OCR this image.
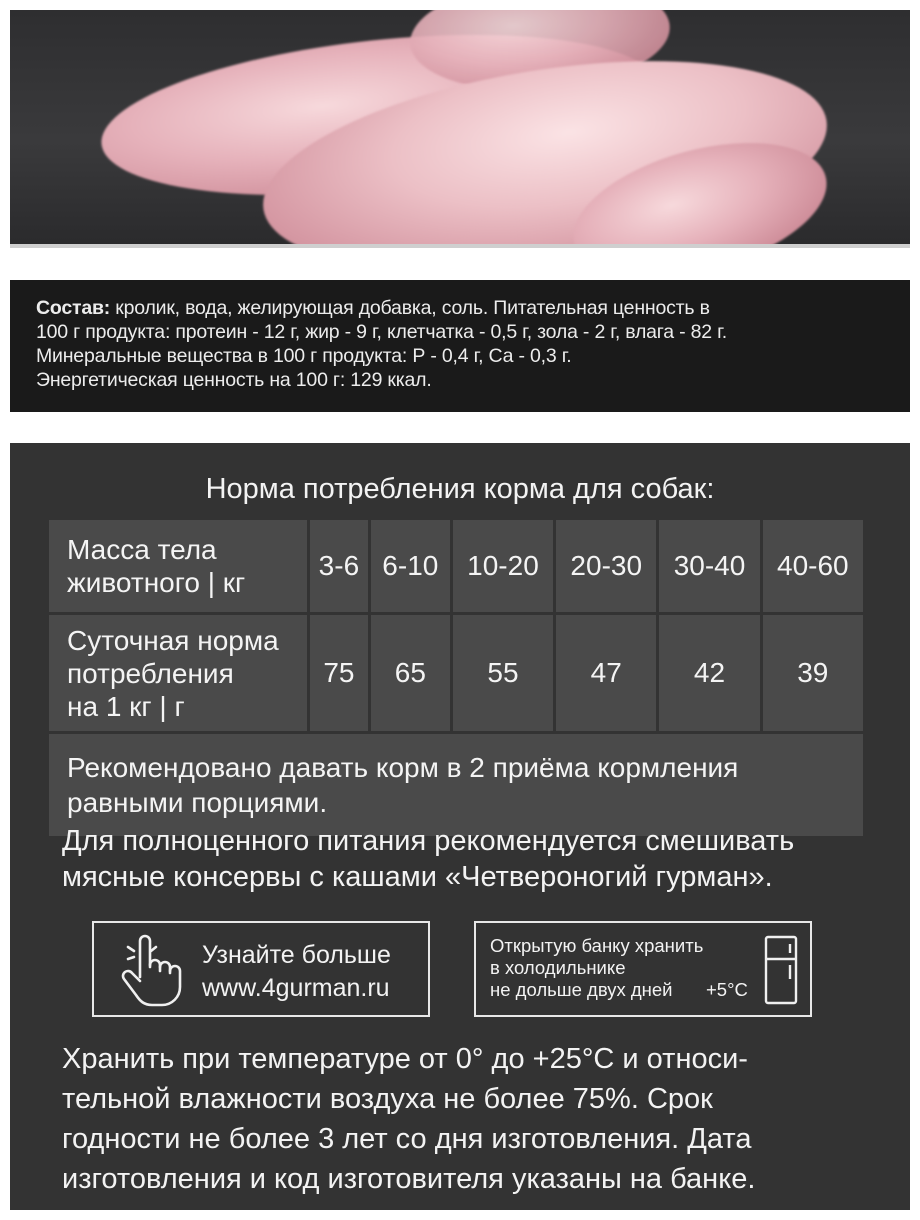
Состав: кролик, вода, желирующая добавка, соль. Питательная ценность в
100 г продукта: протеин - 12 г, жир - 9 г, клетчатка - 0,5 г, зола - 2 г, влага - 82 г.
Минеральные вещества в 100 г продукта: Р - 0,4 г, Са - 0,3 г.
Энергетическая ценность на 100 г: 129 ккал.
Норма потребления корма для собак:
Масса тела
животного | кг	3-6	6-10	10-20	20-30	30-40	40-60
Суточная норма
потребления
на 1 кг | г	75	65	55	47	42	39
Рекомендовано давать корм в 2 приёма кормления
равными порциями.						
Для полноценного питания рекомендуется смешивать
мясные консервы с кашами «Четвероногий гурман».
Узнайте больше
www.4gurman.ru
Открытую банку хранить
в холодильнике
не дольше двух дней	+5°С
Хранить при температуре от 0° до +25°С и относи-
тельной влажности воздуха не более 75%. Срок
годности не более 3 лет со дня изготовления. Дата
изготовления и код изготовителя указаны на банке.
